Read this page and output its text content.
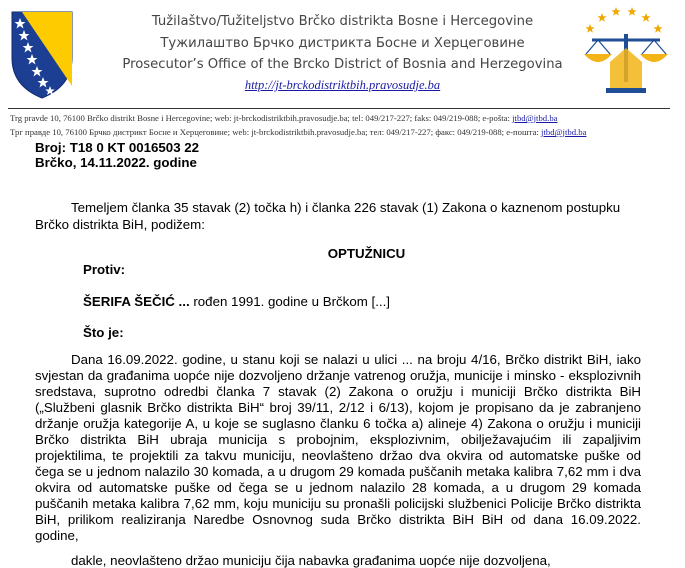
Tužilaštvo/Tužiteljstvo Brčko distrikta Bosne i Hercegovine
Тужилаштво Брчко дистрикта Босне и Херцеговине
Prosecutor’s Office of the Brcko District of Bosnia and Herzegovina
http://jt-brckodistriktbih.pravosudje.ba
Trg pravde 10, 76100 Brčko distrikt Bosne i Hercegovine; web: jt-brckodistriktbih.pravosudje.ba; tel: 049/217-227; faks: 049/219-088; e-pošta: jtbd@jtbd.ba
Трг правде 10, 76100 Брчко дистрикт Босне и Херцеговине; web: jt-brckodistriktbih.pravosudje.ba; тел: 049/217-227; факс: 049/219-088; е-пошта: jtbd@jtbd.ba
Broj: T18 0 KT 0016503 22
Brčko, 14.11.2022. godine
Temeljem članka 35 stavak (2) točka h) i članka 226 stavak (1) Zakona o kaznenom postupku
Brčko distrikta BiH, podižem:
OPTUŽNICU
Protiv:
ŠERIFA ŠEČIĆ ... rođen 1991. godine u Brčkom [...]
Što je:
Dana 16.09.2022. godine, u stanu koji se nalazi u ulici ... na broju 4/16, Brčko distrikt BiH, iako
svjestan da građanima uopće nije dozvoljeno držanje vatrenog oružja, municije i minsko - eksplozivnih
sredstava, suprotno odredbi članka 7 stavak (2) Zakona o oružju i municiji Brčko distrikta BiH
(„Službeni glasnik Brčko distrikta BiH“ broj 39/11, 2/12 i 6/13), kojom je propisano da je zabranjeno
držanje oružja kategorije A, u koje se suglasno članku 6 točka a) alineje 4) Zakona o oružju i municiji
Brčko distrikta BiH ubraja municija s probojnim, eksplozivnim, obilježavajućim ili zapaljivim
projektilima, te projektili za takvu municiju, neovlašteno držao dva okvira od automatske puške od
čega se u jednom nalazilo 30 komada, a u drugom 29 komada puščanih metaka kalibra 7,62 mm i dva
okvira od automatske puške od čega se u jednom nalazilo 28 komada, a u drugom 29 komada
puščanih metaka kalibra 7,62 mm, koju municiju su pronašli policijski službenici Policije Brčko distrikta
BiH, prilikom realiziranja Naredbe Osnovnog suda Brčko distrikta BiH BiH od dana 16.09.2022.
godine,
dakle, neovlašteno držao municiju čija nabavka građanima uopće nije dozvoljena,
